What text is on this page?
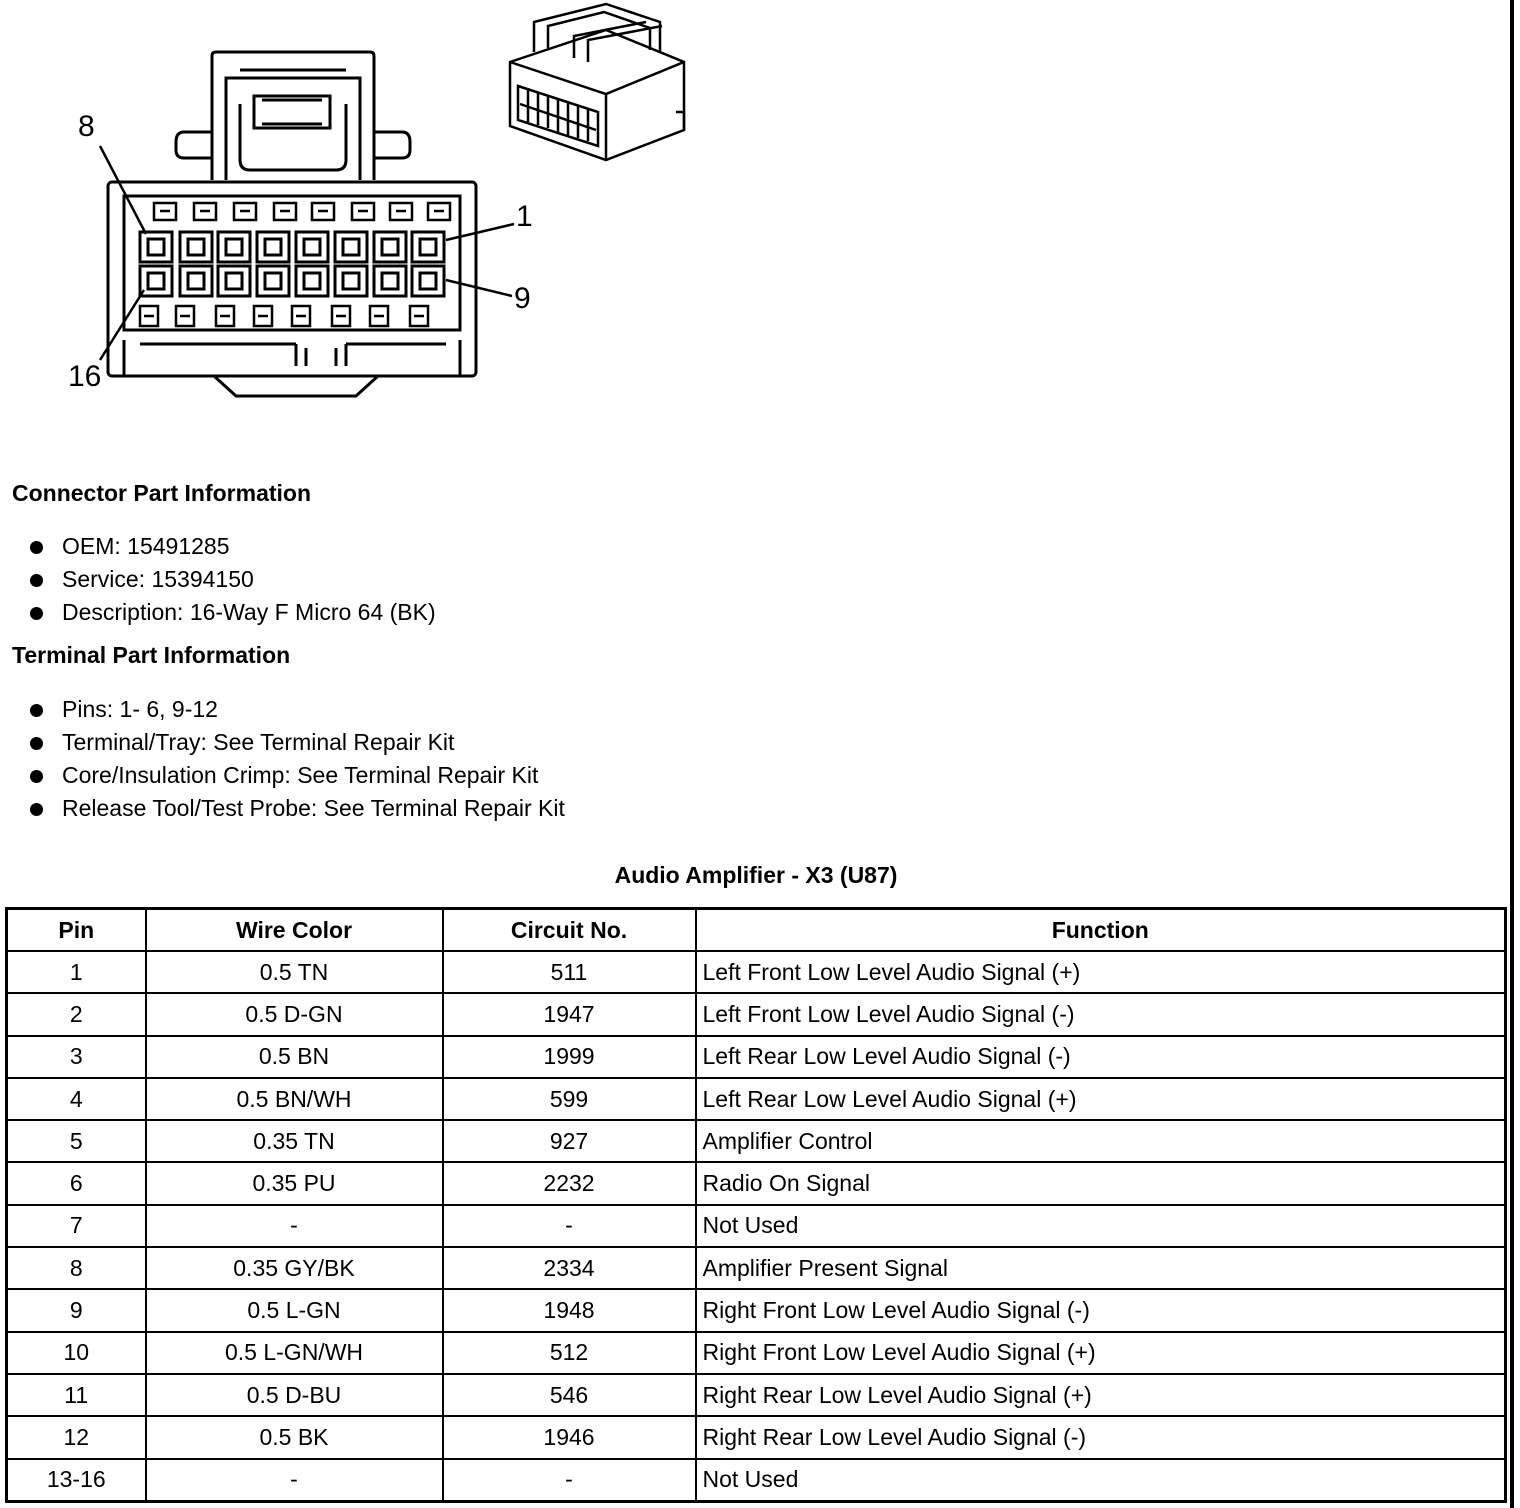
8
1
9
16
Connector Part Information
OEM: 15491285
Service: 15394150
Description: 16-Way F Micro 64 (BK)
Terminal Part Information
Pins: 1- 6, 9-12
Terminal/Tray: See Terminal Repair Kit
Core/Insulation Crimp: See Terminal Repair Kit
Release Tool/Test Probe: See Terminal Repair Kit
Audio Amplifier - X3 (U87)
Pin	Wire Color	Circuit No.	Function
1	0.5 TN	511	Left Front Low Level Audio Signal (+)
2	0.5 D-GN	1947	Left Front Low Level Audio Signal (-)
3	0.5 BN	1999	Left Rear Low Level Audio Signal (-)
4	0.5 BN/WH	599	Left Rear Low Level Audio Signal (+)
5	0.35 TN	927	Amplifier Control
6	0.35 PU	2232	Radio On Signal
7	-	-	Not Used
8	0.35 GY/BK	2334	Amplifier Present Signal
9	0.5 L-GN	1948	Right Front Low Level Audio Signal (-)
10	0.5 L-GN/WH	512	Right Front Low Level Audio Signal (+)
11	0.5 D-BU	546	Right Rear Low Level Audio Signal (+)
12	0.5 BK	1946	Right Rear Low Level Audio Signal (-)
13-16	-	-	Not Used
